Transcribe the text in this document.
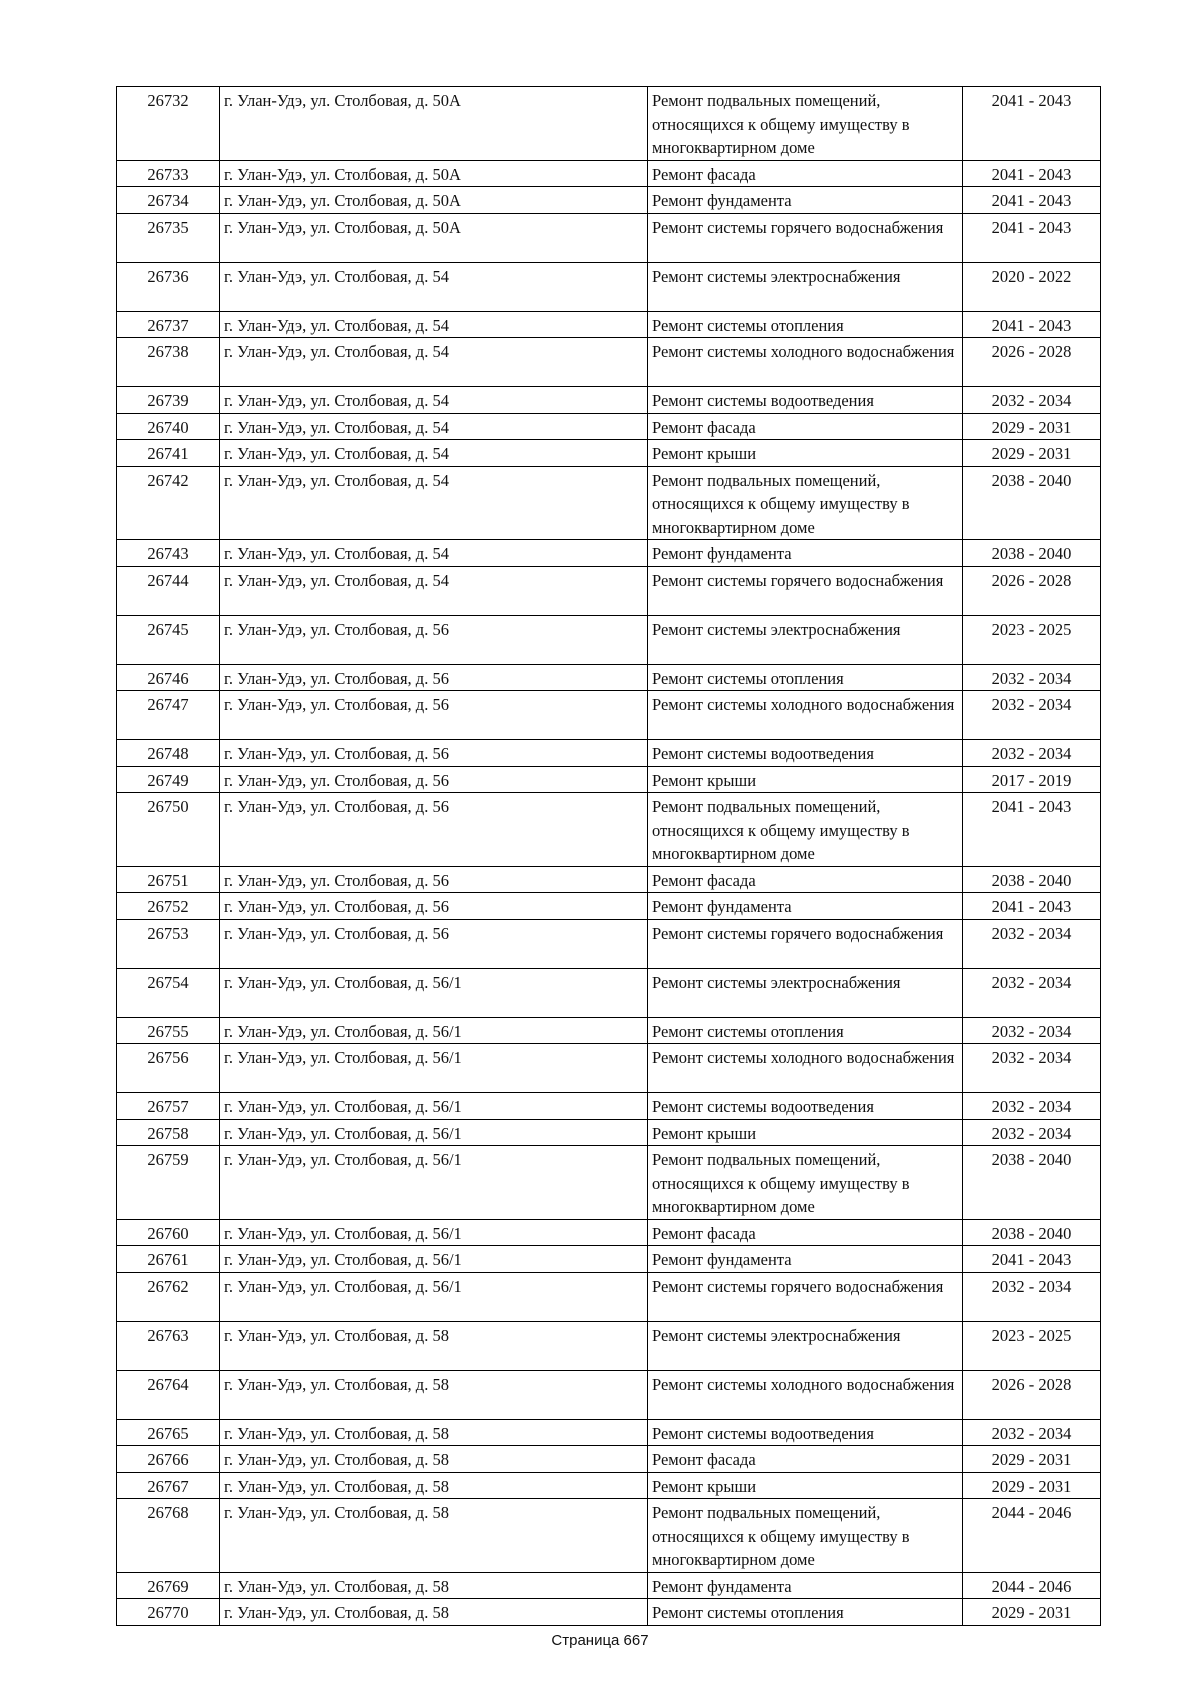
26732	г. Улан-Удэ, ул. Столбовая, д. 50А	Ремонт подвальных помещений, относящихся к общему имуществу в многоквартирном доме	2041 - 2043
26733	г. Улан-Удэ, ул. Столбовая, д. 50А	Ремонт фасада	2041 - 2043
26734	г. Улан-Удэ, ул. Столбовая, д. 50А	Ремонт фундамента	2041 - 2043
26735	г. Улан-Удэ, ул. Столбовая, д. 50А	Ремонт системы горячего водоснабжения	2041 - 2043
26736	г. Улан-Удэ, ул. Столбовая, д. 54	Ремонт системы электроснабжения	2020 - 2022
26737	г. Улан-Удэ, ул. Столбовая, д. 54	Ремонт системы отопления	2041 - 2043
26738	г. Улан-Удэ, ул. Столбовая, д. 54	Ремонт системы холодного водоснабжения	2026 - 2028
26739	г. Улан-Удэ, ул. Столбовая, д. 54	Ремонт системы водоотведения	2032 - 2034
26740	г. Улан-Удэ, ул. Столбовая, д. 54	Ремонт фасада	2029 - 2031
26741	г. Улан-Удэ, ул. Столбовая, д. 54	Ремонт крыши	2029 - 2031
26742	г. Улан-Удэ, ул. Столбовая, д. 54	Ремонт подвальных помещений, относящихся к общему имуществу в многоквартирном доме	2038 - 2040
26743	г. Улан-Удэ, ул. Столбовая, д. 54	Ремонт фундамента	2038 - 2040
26744	г. Улан-Удэ, ул. Столбовая, д. 54	Ремонт системы горячего водоснабжения	2026 - 2028
26745	г. Улан-Удэ, ул. Столбовая, д. 56	Ремонт системы электроснабжения	2023 - 2025
26746	г. Улан-Удэ, ул. Столбовая, д. 56	Ремонт системы отопления	2032 - 2034
26747	г. Улан-Удэ, ул. Столбовая, д. 56	Ремонт системы холодного водоснабжения	2032 - 2034
26748	г. Улан-Удэ, ул. Столбовая, д. 56	Ремонт системы водоотведения	2032 - 2034
26749	г. Улан-Удэ, ул. Столбовая, д. 56	Ремонт крыши	2017 - 2019
26750	г. Улан-Удэ, ул. Столбовая, д. 56	Ремонт подвальных помещений, относящихся к общему имуществу в многоквартирном доме	2041 - 2043
26751	г. Улан-Удэ, ул. Столбовая, д. 56	Ремонт фасада	2038 - 2040
26752	г. Улан-Удэ, ул. Столбовая, д. 56	Ремонт фундамента	2041 - 2043
26753	г. Улан-Удэ, ул. Столбовая, д. 56	Ремонт системы горячего водоснабжения	2032 - 2034
26754	г. Улан-Удэ, ул. Столбовая, д. 56/1	Ремонт системы электроснабжения	2032 - 2034
26755	г. Улан-Удэ, ул. Столбовая, д. 56/1	Ремонт системы отопления	2032 - 2034
26756	г. Улан-Удэ, ул. Столбовая, д. 56/1	Ремонт системы холодного водоснабжения	2032 - 2034
26757	г. Улан-Удэ, ул. Столбовая, д. 56/1	Ремонт системы водоотведения	2032 - 2034
26758	г. Улан-Удэ, ул. Столбовая, д. 56/1	Ремонт крыши	2032 - 2034
26759	г. Улан-Удэ, ул. Столбовая, д. 56/1	Ремонт подвальных помещений, относящихся к общему имуществу в многоквартирном доме	2038 - 2040
26760	г. Улан-Удэ, ул. Столбовая, д. 56/1	Ремонт фасада	2038 - 2040
26761	г. Улан-Удэ, ул. Столбовая, д. 56/1	Ремонт фундамента	2041 - 2043
26762	г. Улан-Удэ, ул. Столбовая, д. 56/1	Ремонт системы горячего водоснабжения	2032 - 2034
26763	г. Улан-Удэ, ул. Столбовая, д. 58	Ремонт системы электроснабжения	2023 - 2025
26764	г. Улан-Удэ, ул. Столбовая, д. 58	Ремонт системы холодного водоснабжения	2026 - 2028
26765	г. Улан-Удэ, ул. Столбовая, д. 58	Ремонт системы водоотведения	2032 - 2034
26766	г. Улан-Удэ, ул. Столбовая, д. 58	Ремонт фасада	2029 - 2031
26767	г. Улан-Удэ, ул. Столбовая, д. 58	Ремонт крыши	2029 - 2031
26768	г. Улан-Удэ, ул. Столбовая, д. 58	Ремонт подвальных помещений, относящихся к общему имуществу в многоквартирном доме	2044 - 2046
26769	г. Улан-Удэ, ул. Столбовая, д. 58	Ремонт фундамента	2044 - 2046
26770	г. Улан-Удэ, ул. Столбовая, д. 58	Ремонт системы отопления	2029 - 2031
Страница 667
